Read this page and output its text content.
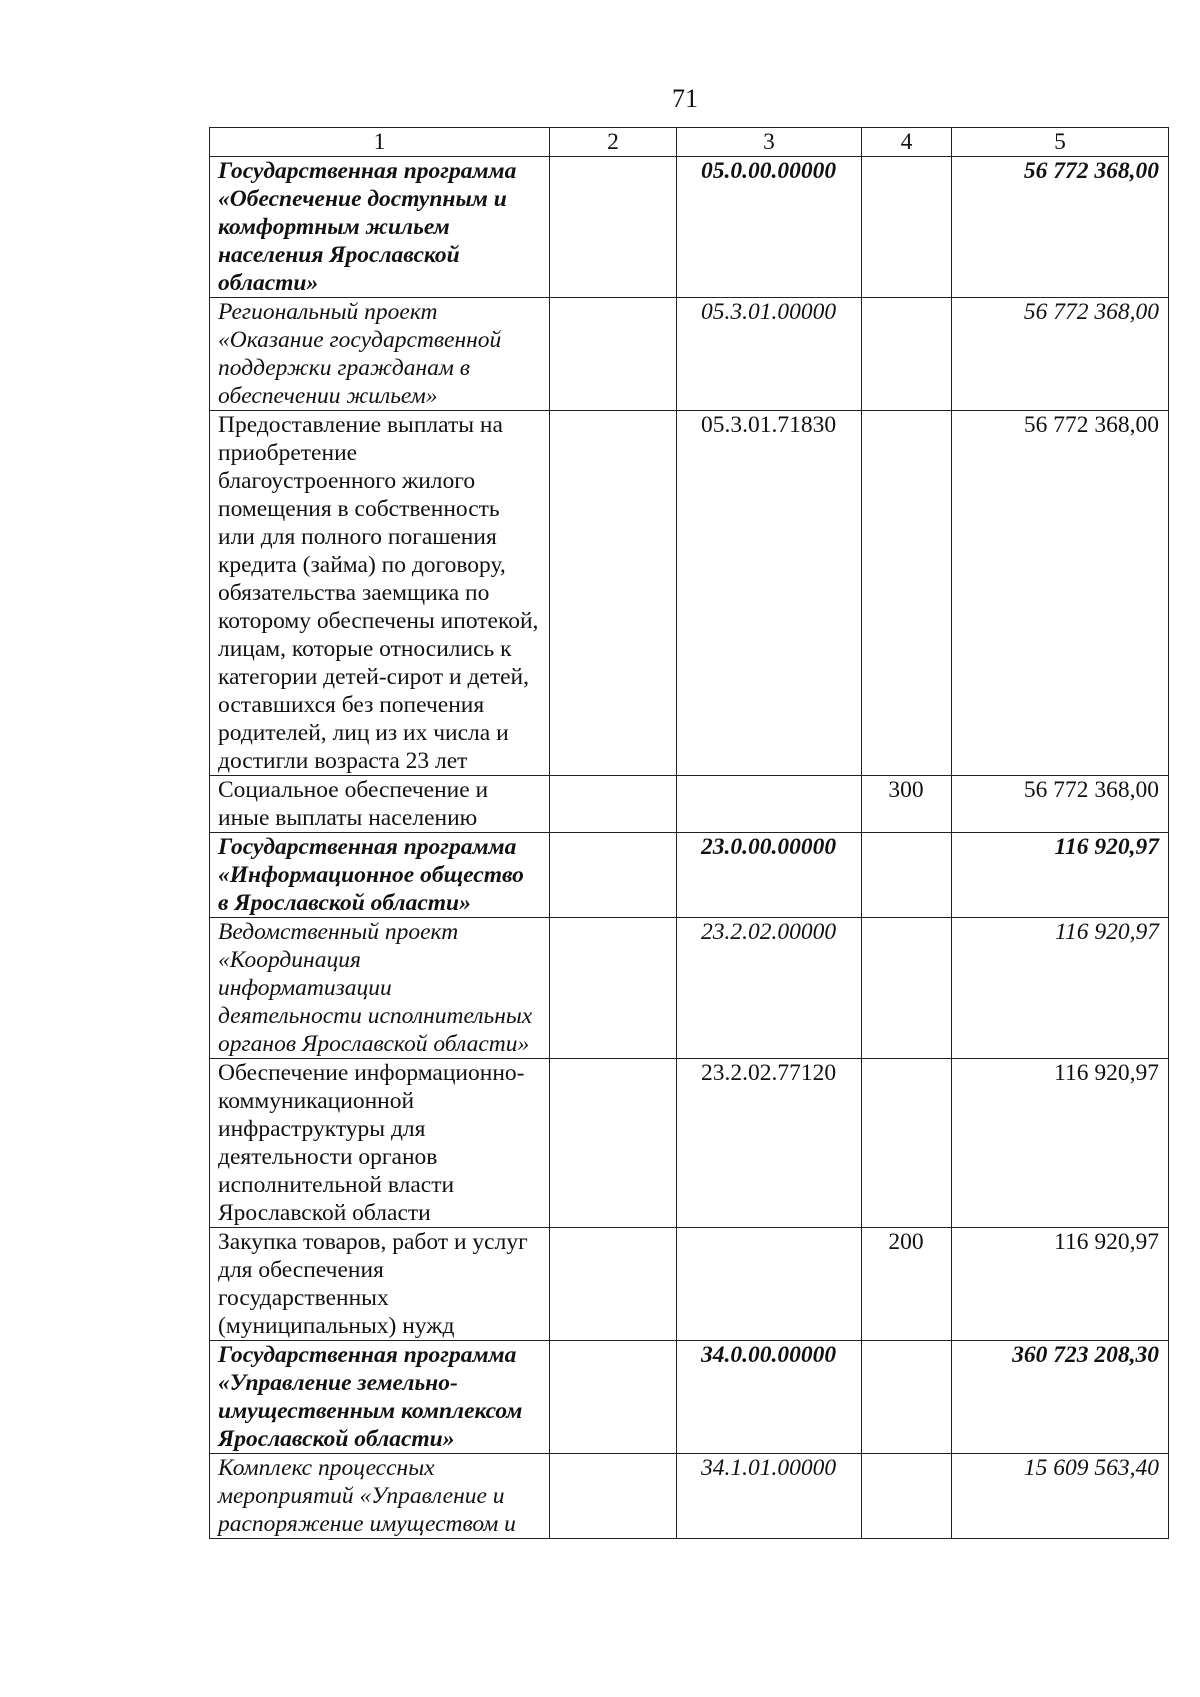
71
1	2	3	4	5
Государственная программа «Обеспечение доступным и комфортным жильем населения Ярославской области»		05.0.00.00000		56 772 368,00
Региональный проект «Оказание государственной поддержки гражданам в обеспечении жильем»		05.3.01.00000		56 772 368,00
Предоставление выплаты на приобретение благоустроенного жилого помещения в собственность или для полного погашения кредита (займа) по договору, обязательства заемщика по которому обеспечены ипотекой, лицам, которые относились к категории детей-сирот и детей, оставшихся без попечения родителей, лиц из их числа и достигли возраста 23 лет		05.3.01.71830		56 772 368,00
Социальное обеспечение и иные выплаты населению			300	56 772 368,00
Государственная программа «Информационное общество в Ярославской области»		23.0.00.00000		116 920,97
Ведомственный проект «Координация информатизации деятельности исполнительных органов Ярославской области»		23.2.02.00000		116 920,97
Обеспечение информационно-коммуникационной инфраструктуры для деятельности органов исполнительной власти Ярославской области		23.2.02.77120		116 920,97
Закупка товаров, работ и услуг для обеспечения государственных (муниципальных) нужд			200	116 920,97
Государственная программа «Управление земельно-имущественным комплексом Ярославской области»		34.0.00.00000		360 723 208,30
Комплекс процессных мероприятий «Управление и распоряжение имуществом и		34.1.01.00000		15 609 563,40
